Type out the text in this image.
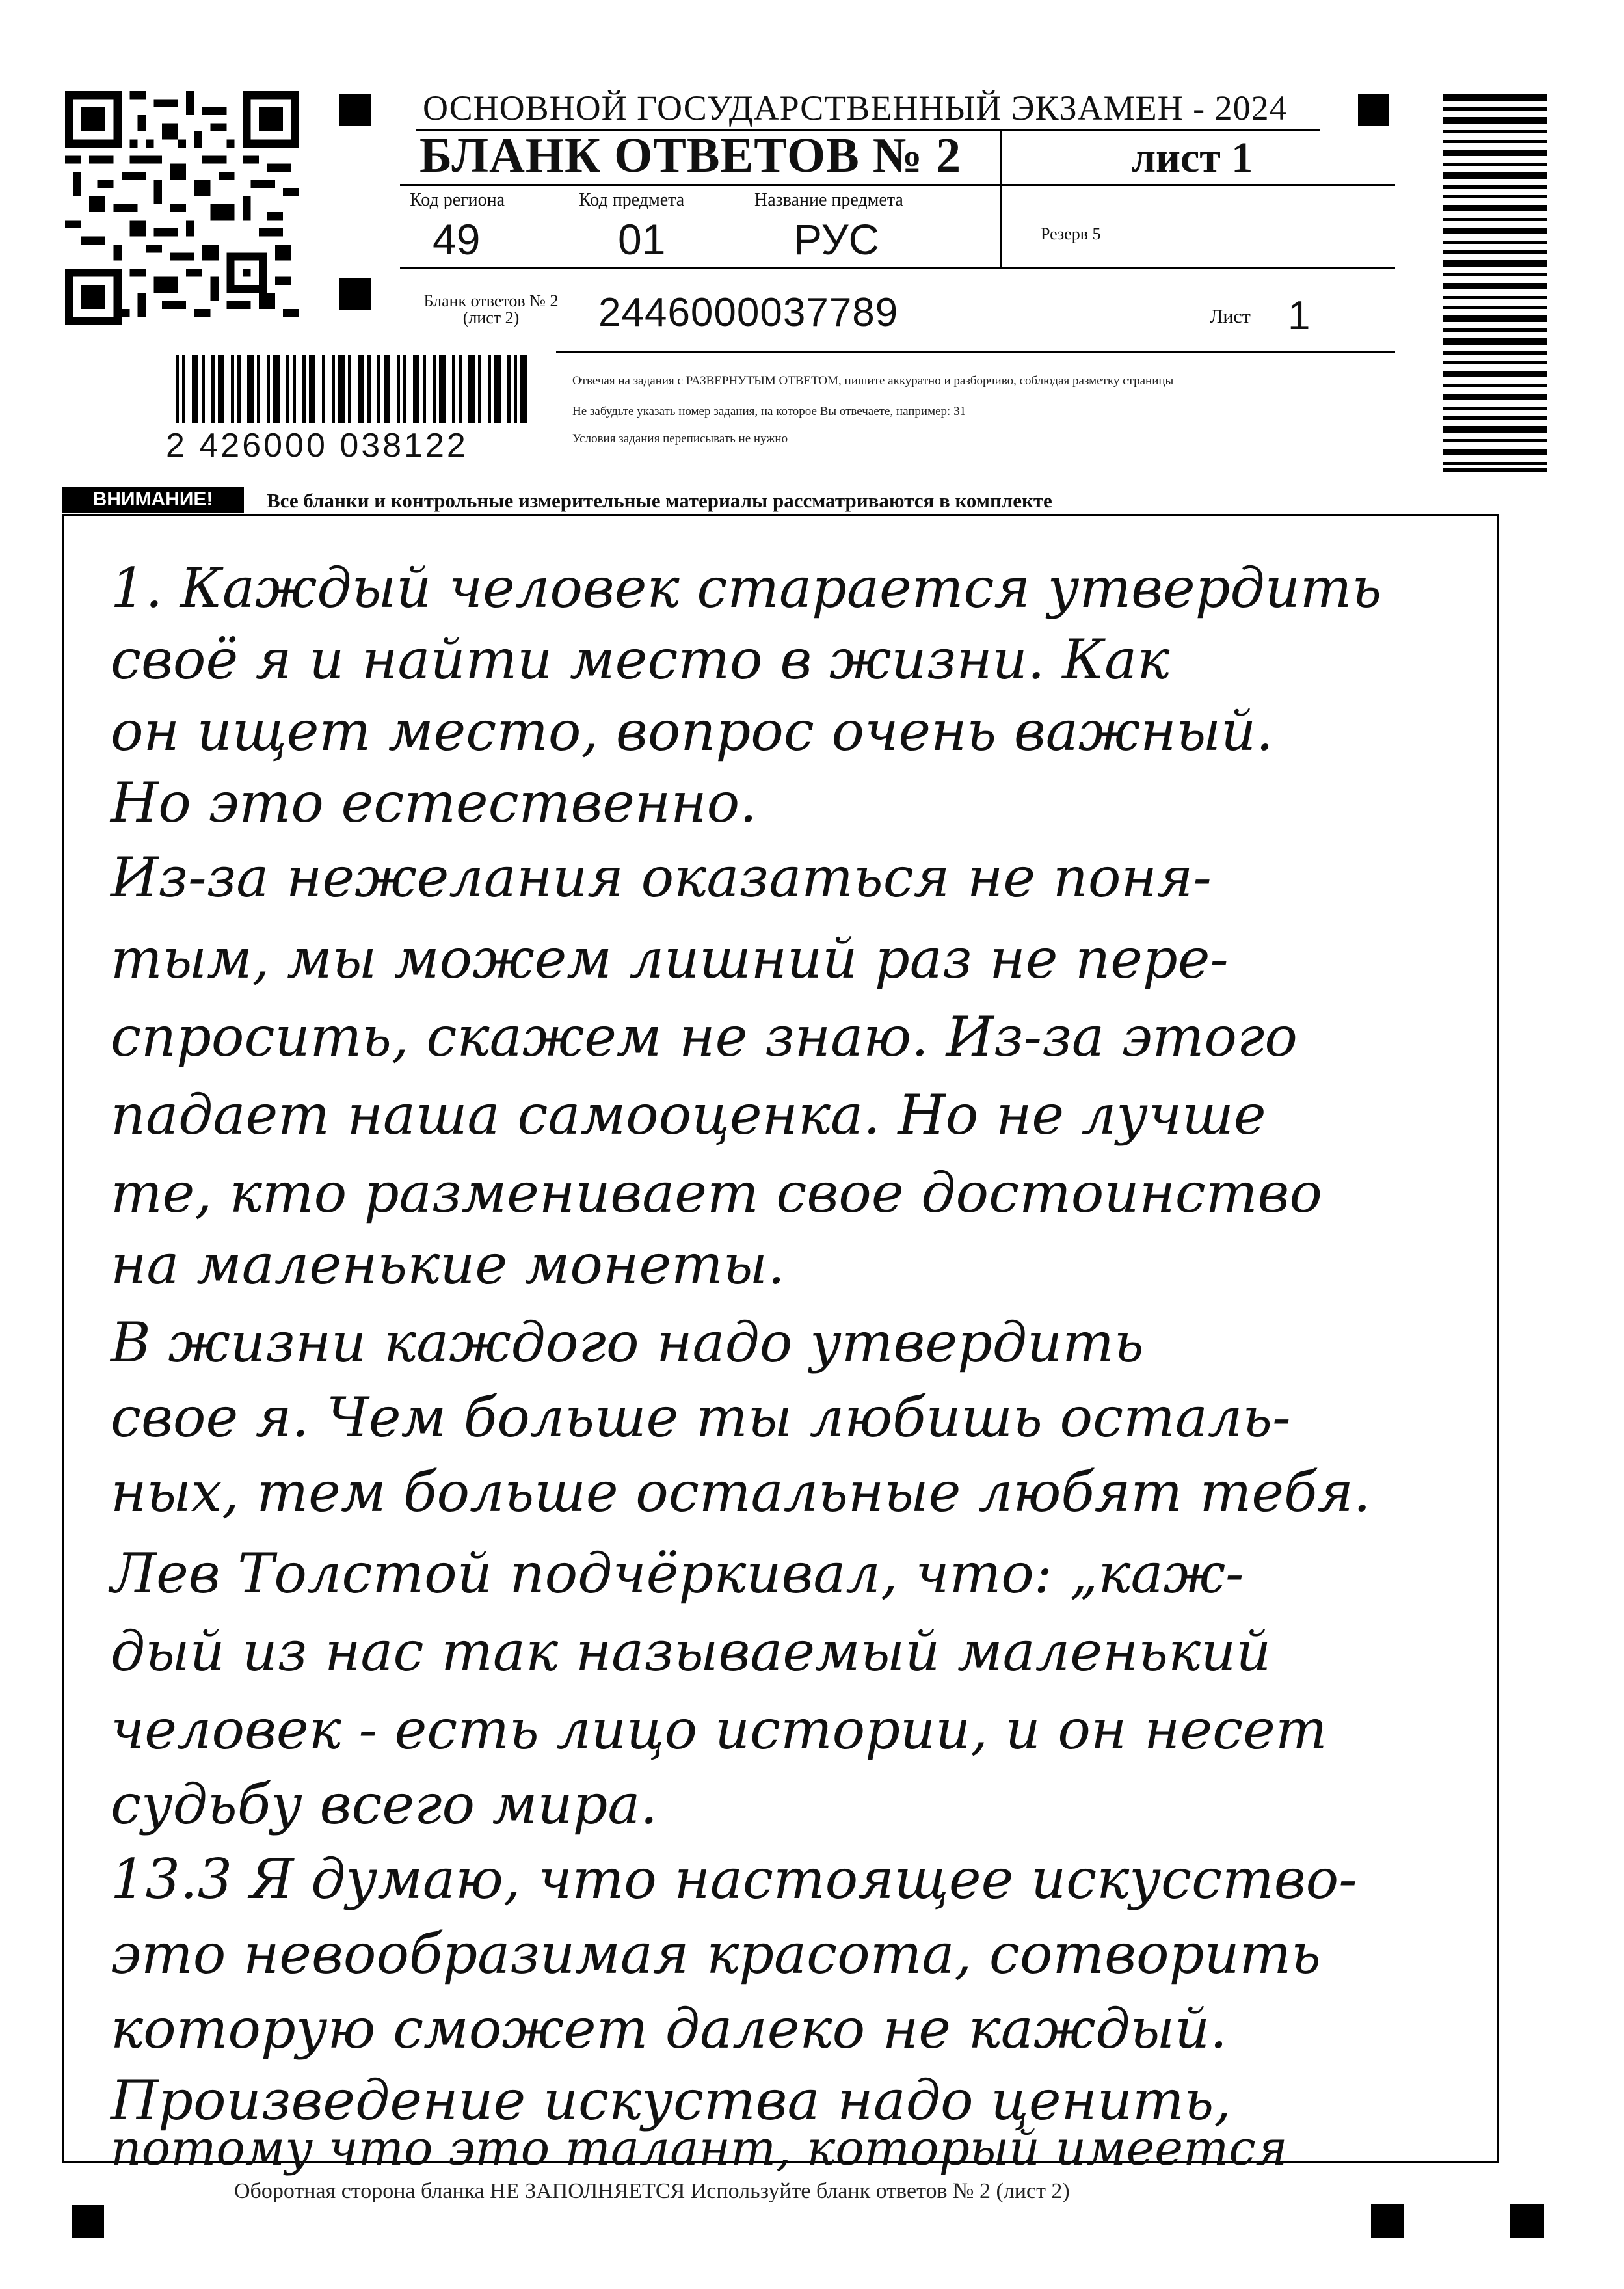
ОСНОВНОЙ ГОСУДАРСТВЕННЫЙ ЭКЗАМЕН - 2024
БЛАНК ОТВЕТОВ № 2	лист 1
Код региона	Код предмета	Название предмета
49	01	РУС	Резерв 5
Бланк ответов № 2
(лист 2)	2446000037789	Лист 1
Отвечая на задания с РАЗВЕРНУТЫМ ОТВЕТОМ, пишите аккуратно и разборчиво, соблюдая разметку страницы
Не забудьте указать номер задания, на которое Вы отвечаете, например: 31
Условия задания переписывать не нужно
2 426000 038122
ВНИМАНИЕ!	Все бланки и контрольные измерительные материалы рассматриваются в комплекте
1. Каждый человек старается утвердить
своё я и найти место в жизни. Как
он ищет место, вопрос очень важный.
Но это естественно.
Из-за нежелания оказаться не поня-
тым, мы можем лишний раз не пере-
спросить, скажем не знаю. Из-за этого
падает наша самооценка. Но не лучше
те, кто разменивает свое достоинство
на маленькие монеты.
В жизни каждого надо утвердить
свое я. Чем больше ты любишь осталь-
ных, тем больше остальные любят тебя.
Лев Толстой подчёркивал, что: „каж-
дый из нас так называемый маленький
человек - есть лицо истории, и он несет
судьбу всего мира.
13.3 Я думаю, что настоящее искусство-
это невообразимая красота, сотворить
которую сможет далеко не каждый.
Произведение искуства надо ценить,
потому что это талант, который имеется
Оборотная сторона бланка НЕ ЗАПОЛНЯЕТСЯ Используйте бланк ответов № 2 (лист 2)
